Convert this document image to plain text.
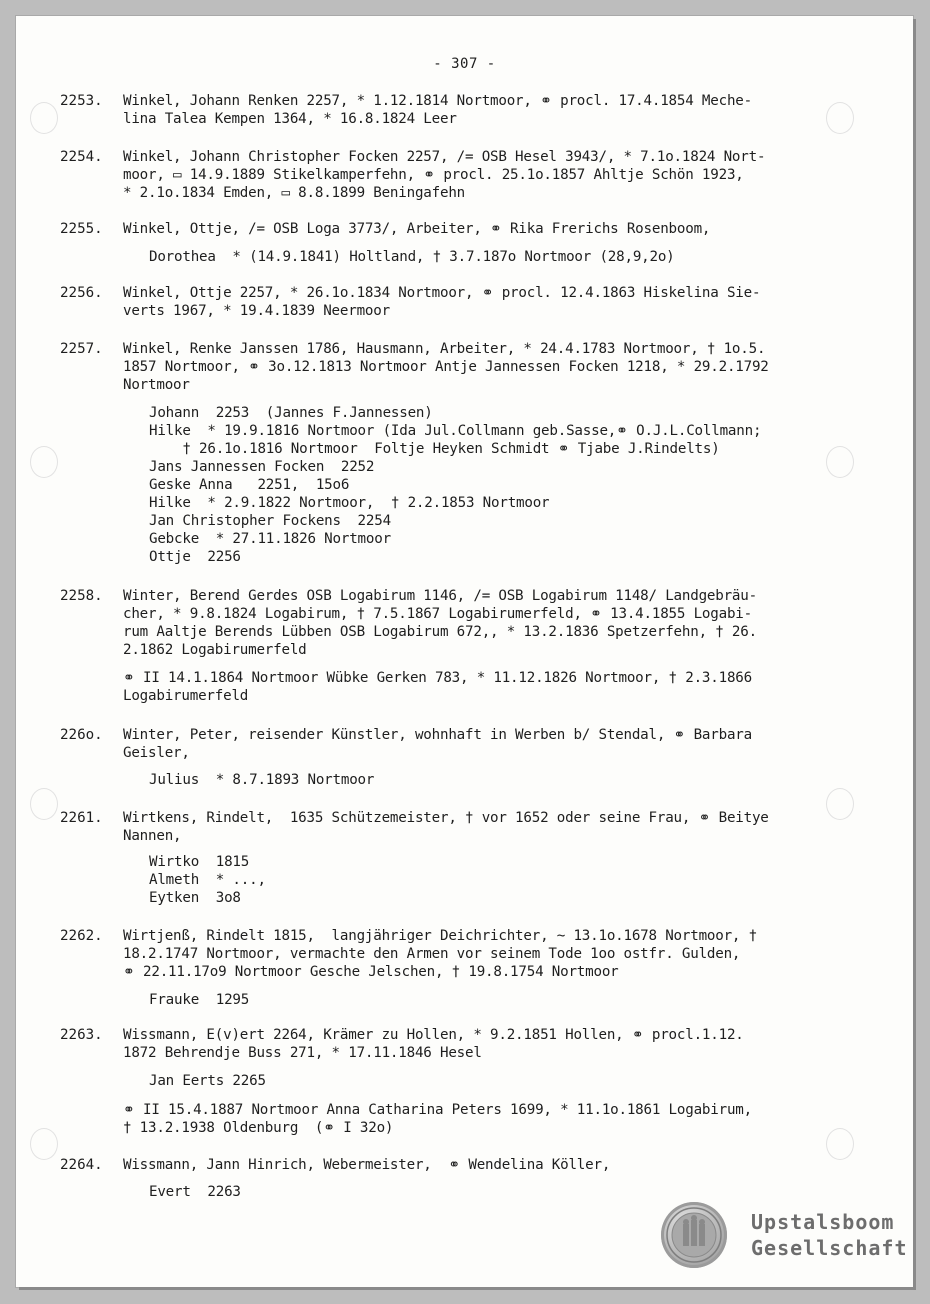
- 307 -
2253. Winkel, Johann Renken 2257, * 1.12.1814 Nortmoor, ⚭ procl. 17.4.1854 Meche-
lina Talea Kempen 1364, * 16.8.1824 Leer
2254. Winkel, Johann Christopher Focken 2257, /= OSB Hesel 3943/, * 7.1o.1824 Nort-
moor, ▭ 14.9.1889 Stikelkamperfehn, ⚭ procl. 25.1o.1857 Ahltje Schön 1923,
* 2.1o.1834 Emden, ▭ 8.8.1899 Beningafehn
2255. Winkel, Ottje, /= OSB Loga 3773/, Arbeiter, ⚭ Rika Frerichs Rosenboom,
Dorothea  * (14.9.1841) Holtland, † 3.7.187o Nortmoor (28,9,2o)
2256. Winkel, Ottje 2257, * 26.1o.1834 Nortmoor, ⚭ procl. 12.4.1863 Hiskelina Sie-
verts 1967, * 19.4.1839 Neermoor
2257. Winkel, Renke Janssen 1786, Hausmann, Arbeiter, * 24.4.1783 Nortmoor, † 1o.5.
1857 Nortmoor, ⚭ 3o.12.1813 Nortmoor Antje Jannessen Focken 1218, * 29.2.1792
Nortmoor
Johann  2253  (Jannes F.Jannessen)
Hilke  * 19.9.1816 Nortmoor (Ida Jul.Collmann geb.Sasse,⚭ O.J.L.Collmann;
† 26.1o.1816 Nortmoor  Foltje Heyken Schmidt ⚭ Tjabe J.Rindelts)
Jans Jannessen Focken  2252
Geske Anna   2251,  15o6
Hilke  * 2.9.1822 Nortmoor,  † 2.2.1853 Nortmoor
Jan Christopher Fockens  2254
Gebcke  * 27.11.1826 Nortmoor
Ottje  2256
2258. Winter, Berend Gerdes OSB Logabirum 1146, /= OSB Logabirum 1148/ Landgebräu-
cher, * 9.8.1824 Logabirum, † 7.5.1867 Logabirumerfeld, ⚭ 13.4.1855 Logabi-
rum Aaltje Berends Lübben OSB Logabirum 672,, * 13.2.1836 Spetzerfehn, † 26.
2.1862 Logabirumerfeld
⚭ II 14.1.1864 Nortmoor Wübke Gerken 783, * 11.12.1826 Nortmoor, † 2.3.1866
Logabirumerfeld
226o. Winter, Peter, reisender Künstler, wohnhaft in Werben b/ Stendal, ⚭ Barbara
Geisler,
Julius  * 8.7.1893 Nortmoor
2261. Wirtkens, Rindelt,  1635 Schützemeister, † vor 1652 oder seine Frau, ⚭ Beitye
Nannen,
Wirtko  1815
Almeth  * ...,
Eytken  3o8
2262. Wirtjenß, Rindelt 1815,  langjähriger Deichrichter, ~ 13.1o.1678 Nortmoor, †
18.2.1747 Nortmoor, vermachte den Armen vor seinem Tode 1oo ostfr. Gulden,
⚭ 22.11.17o9 Nortmoor Gesche Jelschen, † 19.8.1754 Nortmoor
Frauke  1295
2263. Wissmann, E(v)ert 2264, Krämer zu Hollen, * 9.2.1851 Hollen, ⚭ procl.1.12.
1872 Behrendje Buss 271, * 17.11.1846 Hesel
Jan Eerts 2265
⚭ II 15.4.1887 Nortmoor Anna Catharina Peters 1699, * 11.1o.1861 Logabirum,
† 13.2.1938 Oldenburg  (⚭ I 32o)
2264. Wissmann, Jann Hinrich, Webermeister,  ⚭ Wendelina Köller,
Evert  2263
Upstalsboom
Gesellschaft
